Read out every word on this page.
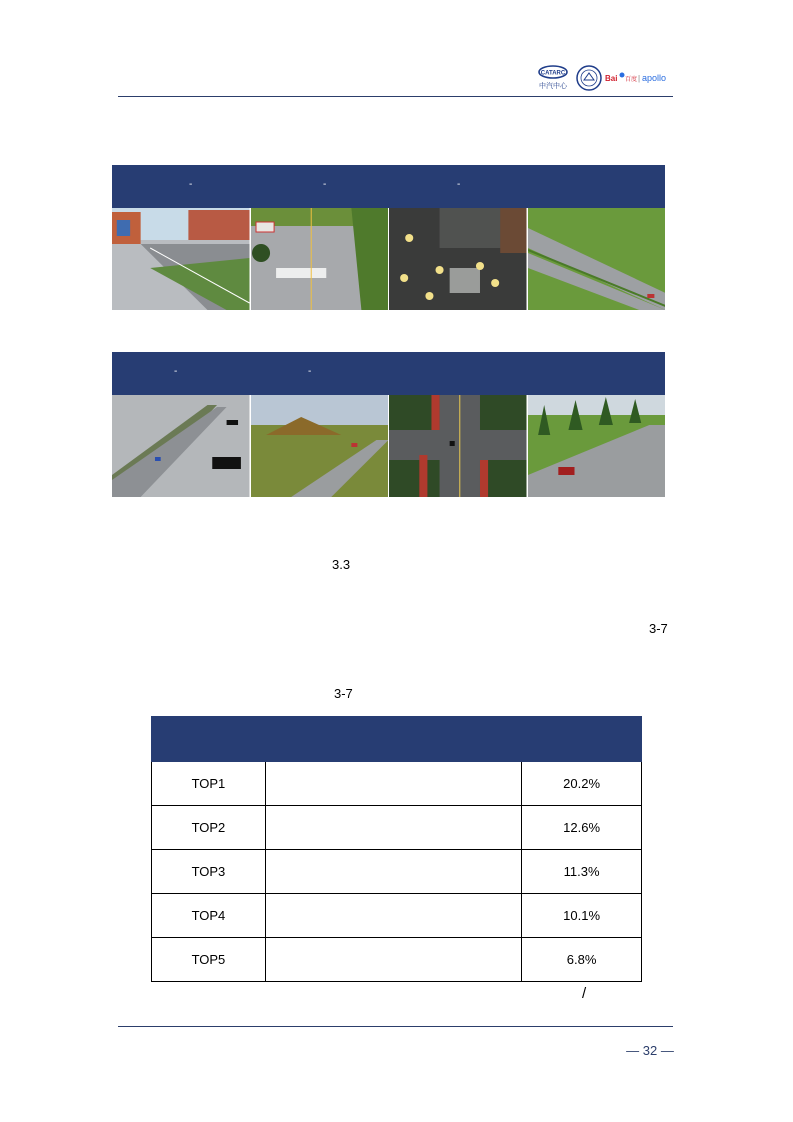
CATARC
中汽中心
Bai 百度 | apollo
-	-	-
-	-
3.3
3-7
3-7

TOP1		20.2%
TOP2		12.6%
TOP3		11.3%
TOP4		10.1%
TOP5		6.8%
/
— 32 —
